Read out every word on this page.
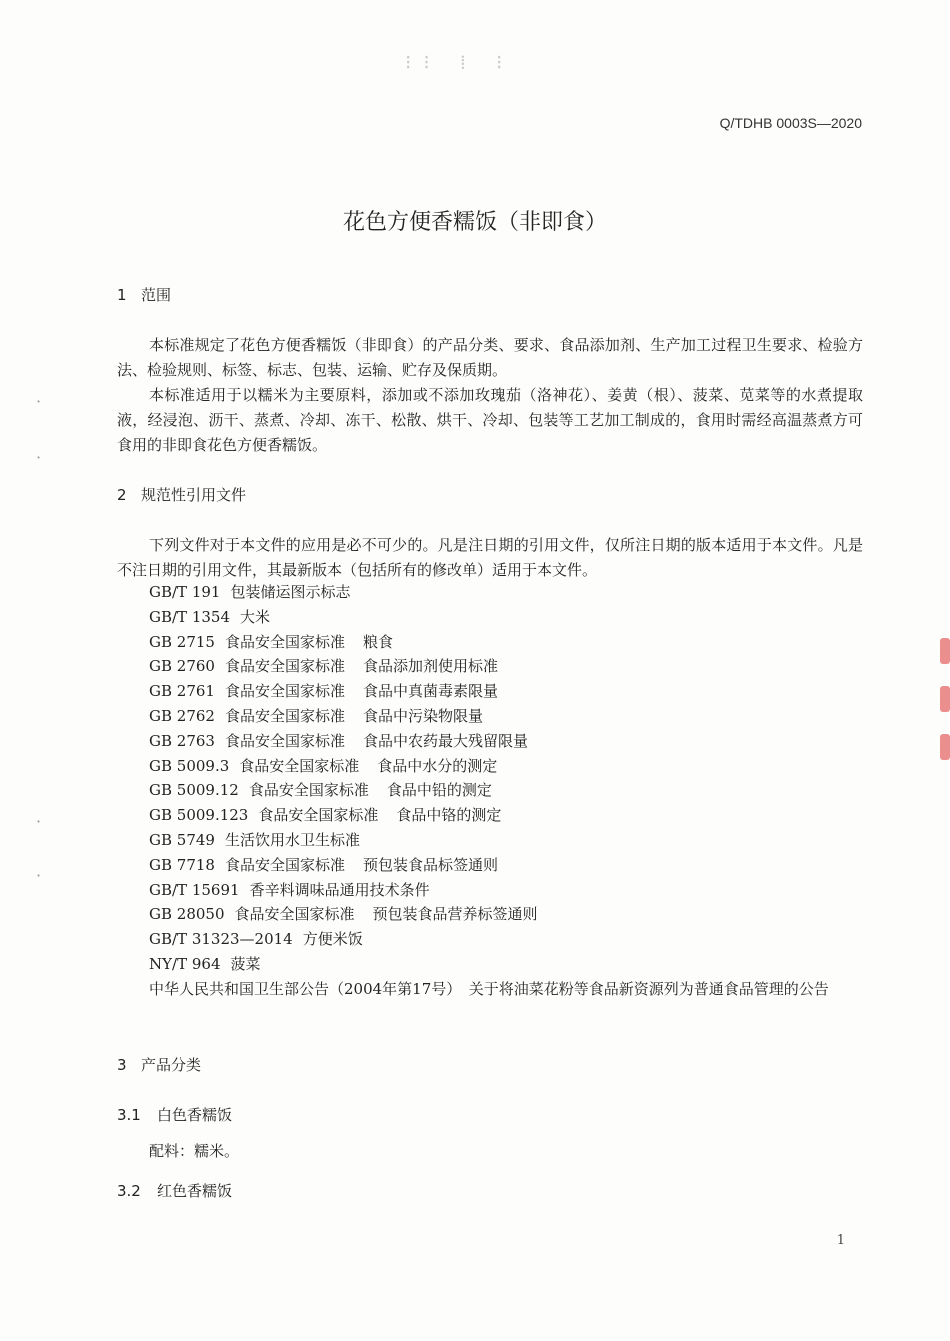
⁝⁝ ⁞ ⁝
Q/TDHB 0003S—2020
花色方便香糯饭（非即食）
1 范围
本标准规定了花色方便香糯饭（非即食）的产品分类、要求、食品添加剂、生产加工过程卫生要求、检验方法、检验规则、标签、标志、包装、运输、贮存及保质期。
本标准适用于以糯米为主要原料，添加或不添加玫瑰茄（洛神花）、姜黄（根）、菠菜、苋菜等的水煮提取液，经浸泡、沥干、蒸煮、冷却、冻干、松散、烘干、冷却、包装等工艺加工制成的，食用时需经高温蒸煮方可食用的非即食花色方便香糯饭。
2 规范性引用文件
下列文件对于本文件的应用是必不可少的。凡是注日期的引用文件，仅所注日期的版本适用于本文件。凡是不注日期的引用文件，其最新版本（包括所有的修改单）适用于本文件。
GB/T 191 包装储运图示标志
GB/T 1354 大米
GB 2715 食品安全国家标准 粮食
GB 2760 食品安全国家标准 食品添加剂使用标准
GB 2761 食品安全国家标准 食品中真菌毒素限量
GB 2762 食品安全国家标准 食品中污染物限量
GB 2763 食品安全国家标准 食品中农药最大残留限量
GB 5009.3 食品安全国家标准 食品中水分的测定
GB 5009.12 食品安全国家标准 食品中铅的测定
GB 5009.123 食品安全国家标准 食品中铬的测定
GB 5749 生活饮用水卫生标准
GB 7718 食品安全国家标准 预包装食品标签通则
GB/T 15691 香辛料调味品通用技术条件
GB 28050 食品安全国家标准 预包装食品营养标签通则
GB/T 31323—2014 方便米饭
NY/T 964 菠菜
中华人民共和国卫生部公告（2004年第17号）　关于将油菜花粉等食品新资源列为普通食品管理的公告
3 产品分类
3.1 白色香糯饭
配料：糯米。
3.2 红色香糯饭
1
·
·
·
·
